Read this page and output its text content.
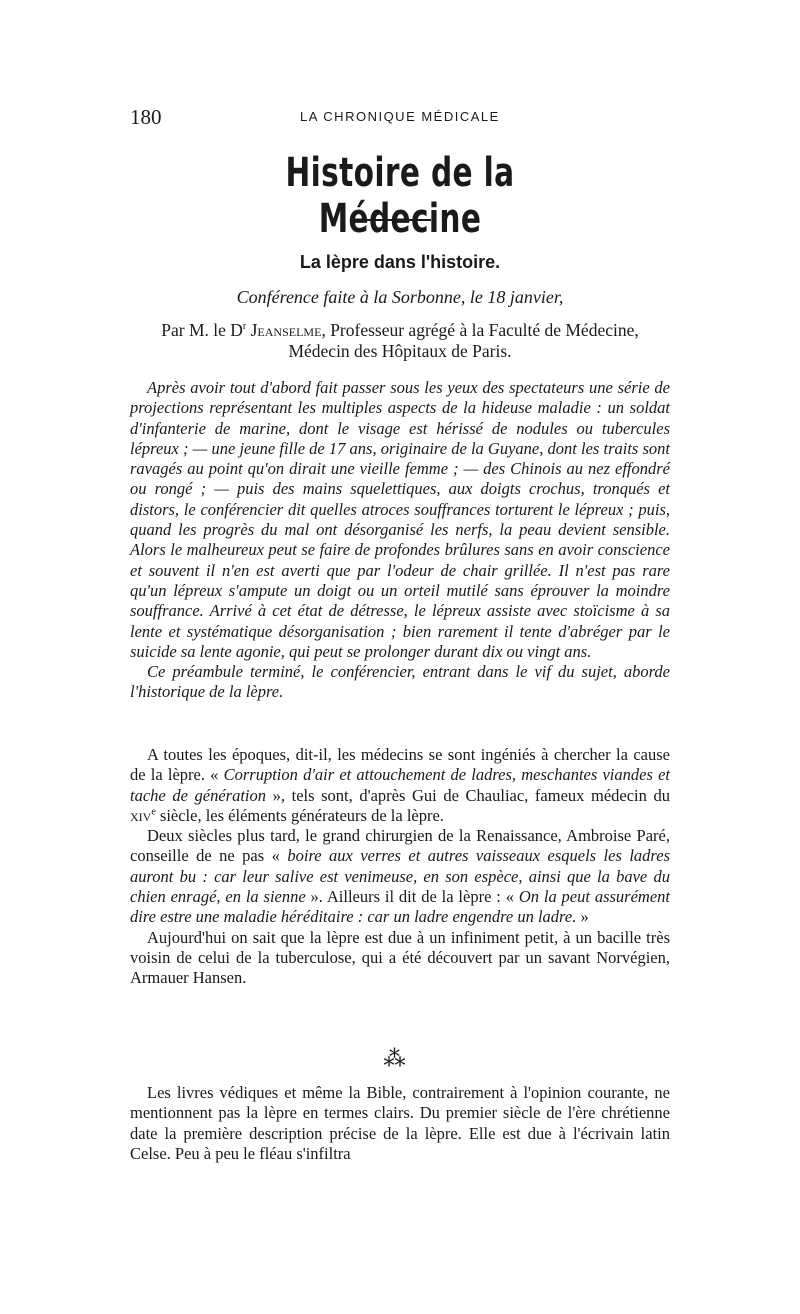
180	LA CHRONIQUE MÉDICALE
Histoire de la Médecine
La lèpre dans l'histoire.
Conférence faite à la Sorbonne, le 18 janvier,
Par M. le $D^r$ Jeanselme, Professeur agrégé à la Faculté de Médecine,
Médecin des Hôpitaux de Paris.

Après avoir tout d'abord fait passer sous les yeux des spectateurs une série de projections représentant les multiples aspects de la hideuse maladie : un soldat d'infanterie de marine, dont le visage est hérissé de nodules ou tubercules lépreux ; — une jeune fille de 17 ans, originaire de la Guyane, dont les traits sont ravagés au point qu'on dirait une vieille femme ; — des Chinois au nez effondré ou rongé ; — puis des mains squelettiques, aux doigts crochus, tronqués et distors, le conférencier dit quelles atroces souffrances torturent le lépreux ; puis, quand les progrès du mal ont désorganisé les nerfs, la peau devient sensible. Alors le malheureux peut se faire de profondes brûlures sans en avoir conscience et souvent il n'en est averti que par l'odeur de chair grillée. Il n'est pas rare qu'un lépreux s'ampute un doigt ou un orteil mutilé sans éprouver la moindre souffrance. Arrivé à cet état de détresse, le lépreux assiste avec stoïcisme à sa lente et systématique désorganisation ; bien rarement il tente d'abréger par le suicide sa lente agonie, qui peut se prolonger durant dix ou vingt ans.

Ce préambule terminé, le conférencier, entrant dans le vif du sujet, aborde l'historique de la lèpre.

A toutes les époques, dit-il, les médecins se sont ingéniés à chercher la cause de la lèpre. « Corruption d'air et attouchement de ladres, meschantes viandes et tache de génération », tels sont, d'après Gui de Chauliac, fameux médecin du xiv$^e$ siècle, les éléments générateurs de la lèpre.

Deux siècles plus tard, le grand chirurgien de la Renaissance, Ambroise Paré, conseille de ne pas « boire aux verres et autres vaisseaux esquels les ladres auront bu : car leur salive est venimeuse, en son espèce, ainsi que la bave du chien enragé, en la sienne ». Ailleurs il dit de la lèpre : « On la peut assurément dire estre une maladie héréditaire : car un ladre engendre un ladre. »

Aujourd'hui on sait que la lèpre est due à un infiniment petit, à un bacille très voisin de celui de la tuberculose, qui a été découvert par un savant Norvégien, Armauer Hansen.

⁂

Les livres védiques et même la Bible, contrairement à l'opinion courante, ne mentionnent pas la lèpre en termes clairs. Du premier siècle de l'ère chrétienne date la première description précise de la lèpre. Elle est due à l'écrivain latin Celse. Peu à peu le fléau s'infiltra
